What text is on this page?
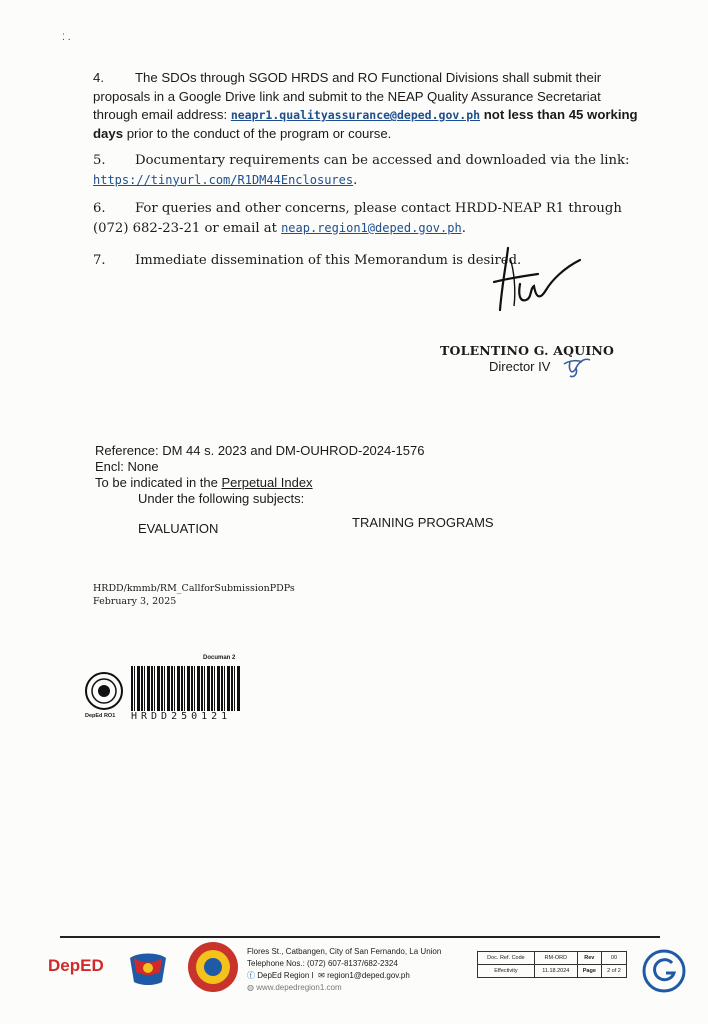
⁚ .
4. The SDOs through SGOD HRDS and RO Functional Divisions shall submit their proposals in a Google Drive link and submit to the NEAP Quality Assurance Secretariat through email address: neapr1.qualityassurance@deped.gov.ph not less than 45 working days prior to the conduct of the program or course.
5. Documentary requirements can be accessed and downloaded via the link:
https://tinyurl.com/R1DM44Enclosures.
6. For queries and other concerns, please contact HRDD-NEAP R1 through (072) 682-23-21 or email at neap.region1@deped.gov.ph.
7. Immediate dissemination of this Memorandum is desired.
TOLENTINO G. AQUINO
Director IV
Reference: DM 44 s. 2023 and DM-OUHROD-2024-1576
Encl: None
To be indicated in the Perpetual Index
Under the following subjects:
EVALUATION	TRAINING PROGRAMS
HRDD/kmmb/RM_CallforSubmissionPDPs
February 3, 2025
Documan 2
DepEd RO1 HRDD250121
DepED
Flores St., Catbangen, City of San Fernando, La Union
Telephone Nos.: (072) 607-8137/682-2324
ⓕ DepEd Region I ✉ region1@deped.gov.ph
◍ www.depedregion1.com
Doc. Ref. Code	RM-ORD	Rev	00
Effectivity	11.18.2024	Page	2 of 2
